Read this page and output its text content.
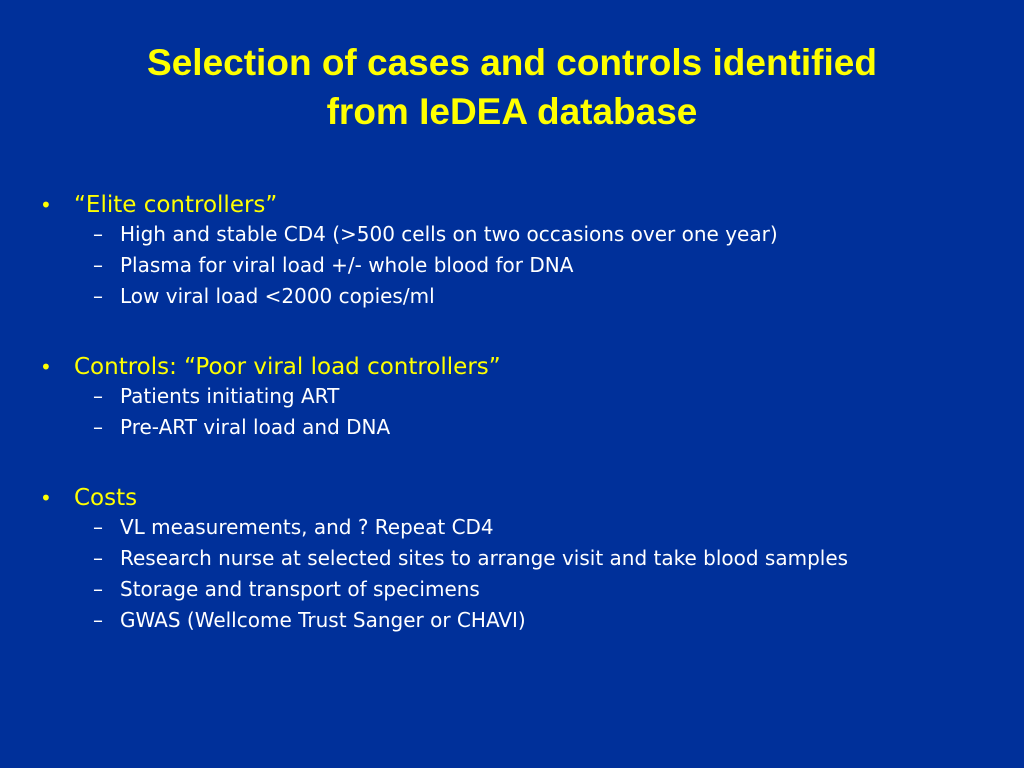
Selection of cases and controls identified
from IeDEA database
• “Elite controllers”
– High and stable CD4 (>500 cells on two occasions over one year)
– Plasma for viral load +/- whole blood for DNA
– Low viral load <2000 copies/ml
• Controls: “Poor viral load controllers”
– Patients initiating ART
– Pre-ART viral load and DNA
• Costs
– VL measurements, and ? Repeat CD4
– Research nurse at selected sites to arrange visit and take blood samples
– Storage and transport of specimens
– GWAS (Wellcome Trust Sanger or CHAVI)
